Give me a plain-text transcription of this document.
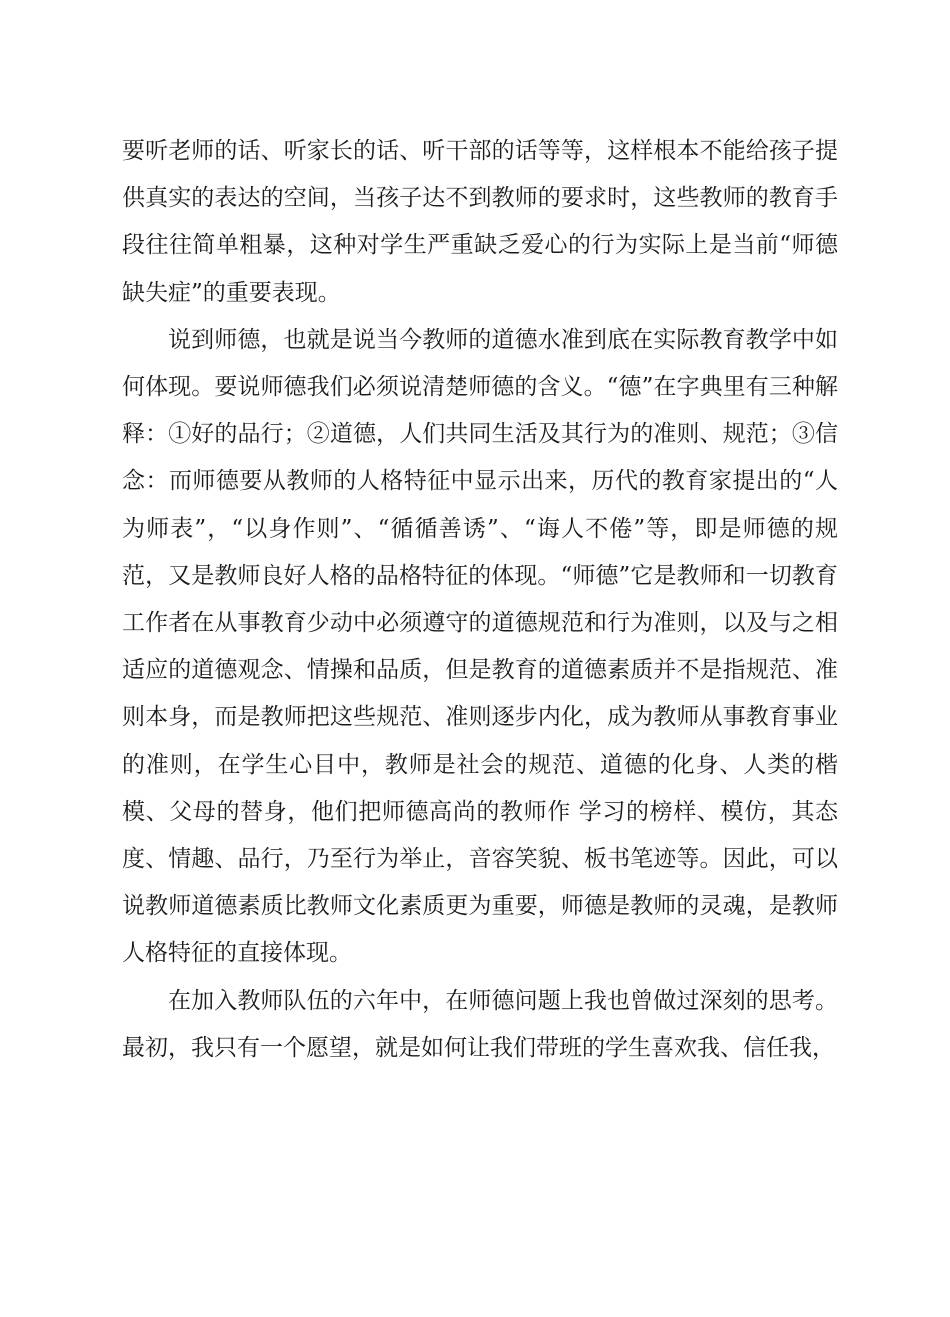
要听老师的话、听家长的话、听干部的话等等，这样根本不能给孩子提供真实的表达的空间，当孩子达不到教师的要求时，这些教师的教育手段往往简单粗暴，这种对学生严重缺乏爱心的行为实际上是当前“师德缺失症”的重要表现。

说到师德，也就是说当今教师的道德水准到底在实际教育教学中如何体现。要说师德我们必须说清楚师德的含义。“德”在字典里有三种解释：①好的品行；②道德，人们共同生活及其行为的准则、规范；③信念：而师德要从教师的人格特征中显示出来，历代的教育家提出的“人为师表”，“以身作则”、“循循善诱”、“诲人不倦”等，即是师德的规范，又是教师良好人格的品格特征的体现。“师德”它是教师和一切教育工作者在从事教育少动中必须遵守的道德规范和行为准则，以及与之相适应的道德观念、情操和品质，但是教育的道德素质并不是指规范、准则本身，而是教师把这些规范、准则逐步内化，成为教师从事教育事业的准则，在学生心目中，教师是社会的规范、道德的化身、人类的楷模、父母的替身，他们把师德高尚的教师作 学习的榜样、模仿，其态度、情趣、品行，乃至行为举止，音容笑貌、板书笔迹等。因此，可以说教师道德素质比教师文化素质更为重要，师德是教师的灵魂，是教师人格特征的直接体现。

在加入教师队伍的六年中，在师德问题上我也曾做过深刻的思考。最初，我只有一个愿望，就是如何让我们带班的学生喜欢我、信任我，
